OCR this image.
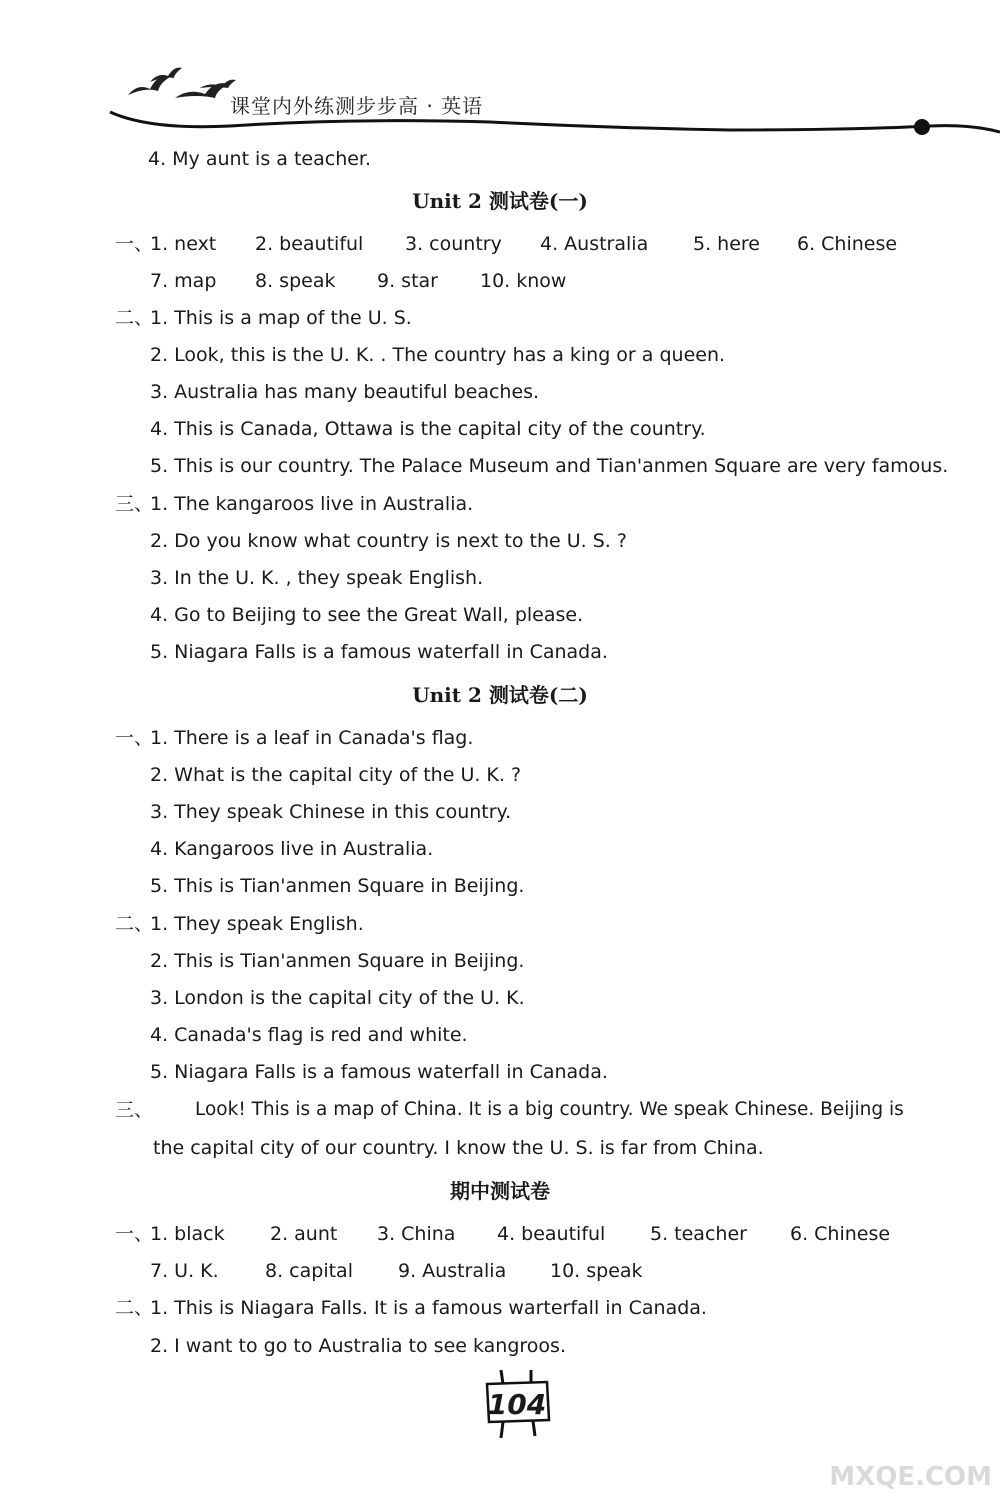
课堂内外练测步步高 · 英语
4. My aunt is a teacher.
Unit 2 测试卷(一)
一、
1. next 2. beautiful 3. country 4. Australia 5. here 6. Chinese
7. map 8. speak 9. star 10. know
二、
1. This is a map of the U. S.
2. Look, this is the U. K. . The country has a king or a queen.
3. Australia has many beautiful beaches.
4. This is Canada, Ottawa is the capital city of the country.
5. This is our country. The Palace Museum and Tian'anmen Square are very famous.
三、
1. The kangaroos live in Australia.
2. Do you know what country is next to the U. S. ?
3. In the U. K. , they speak English.
4. Go to Beijing to see the Great Wall, please.
5. Niagara Falls is a famous waterfall in Canada.
Unit 2 测试卷(二)
一、
1. There is a leaf in Canada's flag.
2. What is the capital city of the U. K. ?
3. They speak Chinese in this country.
4. Kangaroos live in Australia.
5. This is Tian'anmen Square in Beijing.
二、
1. They speak English.
2. This is Tian'anmen Square in Beijing.
3. London is the capital city of the U. K.
4. Canada's flag is red and white.
5. Niagara Falls is a famous waterfall in Canada.
三、 Look! This is a map of China. It is a big country. We speak Chinese. Beijing is
the capital city of our country. I know the U. S. is far from China.
期中测试卷
一、
1. black 2. aunt 3. China 4. beautiful 5. teacher 6. Chinese
7. U. K. 8. capital 9. Australia 10. speak
二、
1. This is Niagara Falls. It is a famous warterfall in Canada.
2. I want to go to Australia to see kangroos.
104
MXQE.COM
